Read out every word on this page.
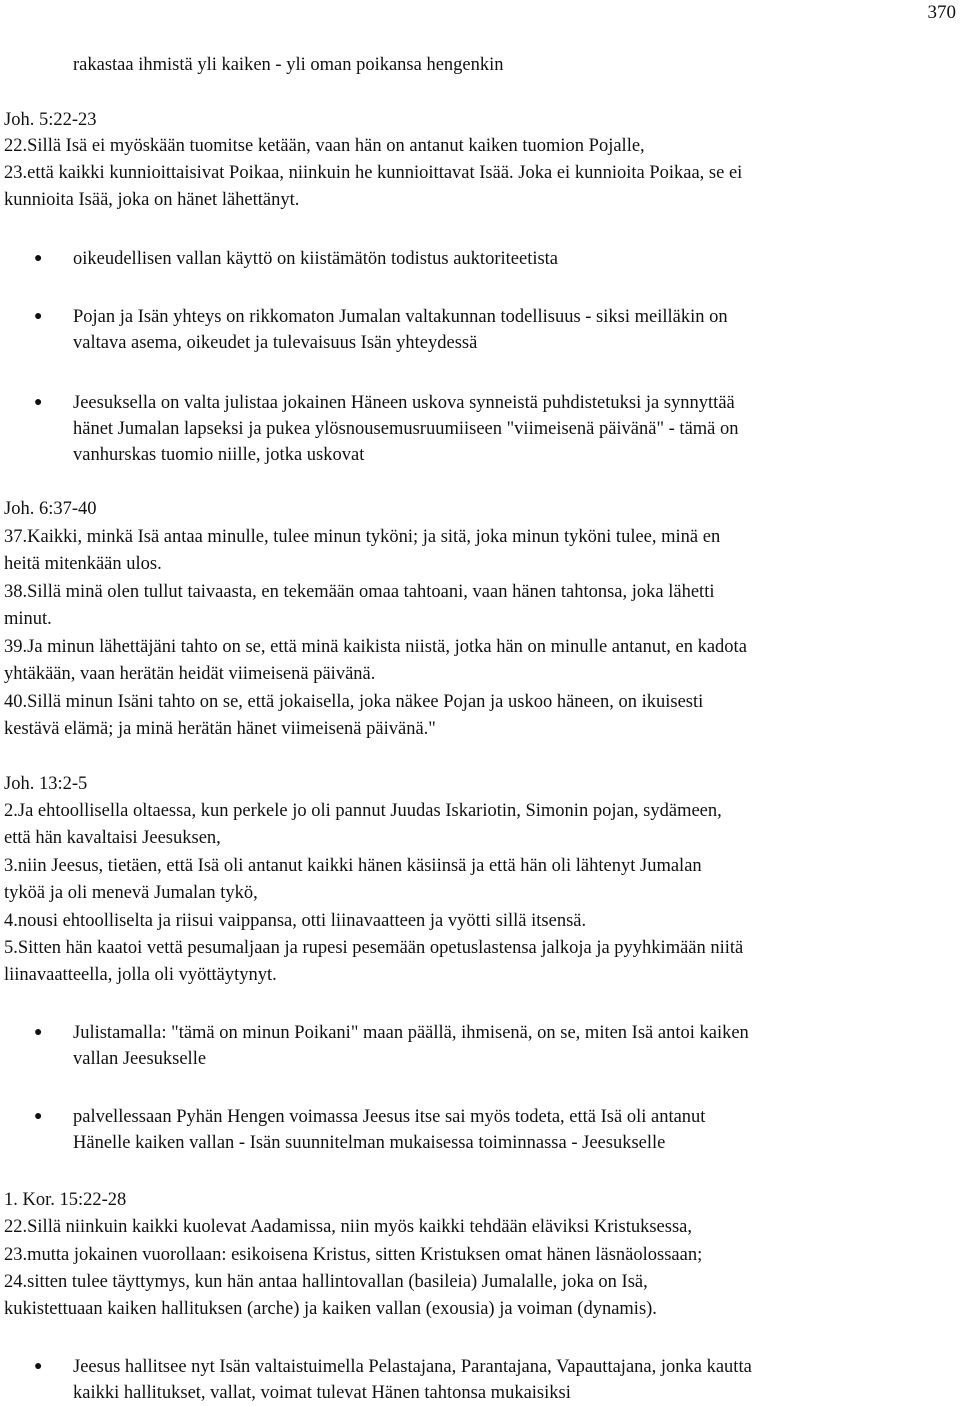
370
rakastaa ihmistä yli kaiken - yli oman poikansa hengenkin
Joh. 5:22-23
22.Sillä Isä ei myöskään tuomitse ketään, vaan hän on antanut kaiken tuomion Pojalle,
23.että kaikki kunnioittaisivat Poikaa, niinkuin he kunnioittavat Isää. Joka ei kunnioita Poikaa, se ei
kunnioita Isää, joka on hänet lähettänyt.
● oikeudellisen vallan käyttö on kiistämätön todistus auktoriteetista
● Pojan ja Isän yhteys on rikkomaton Jumalan valtakunnan todellisuus - siksi meilläkin on
valtava asema, oikeudet ja tulevaisuus Isän yhteydessä
● Jeesuksella on valta julistaa jokainen Häneen uskova synneistä puhdistetuksi ja synnyttää
hänet Jumalan lapseksi ja pukea ylösnousemusruumiiseen "viimeisenä päivänä" - tämä on
vanhurskas tuomio niille, jotka uskovat
Joh. 6:37-40
37.Kaikki, minkä Isä antaa minulle, tulee minun tyköni; ja sitä, joka minun tyköni tulee, minä en
heitä mitenkään ulos.
38.Sillä minä olen tullut taivaasta, en tekemään omaa tahtoani, vaan hänen tahtonsa, joka lähetti
minut.
39.Ja minun lähettäjäni tahto on se, että minä kaikista niistä, jotka hän on minulle antanut, en kadota
yhtäkään, vaan herätän heidät viimeisenä päivänä.
40.Sillä minun Isäni tahto on se, että jokaisella, joka näkee Pojan ja uskoo häneen, on ikuisesti
kestävä elämä; ja minä herätän hänet viimeisenä päivänä."
Joh. 13:2-5
2.Ja ehtoollisella oltaessa, kun perkele jo oli pannut Juudas Iskariotin, Simonin pojan, sydämeen,
että hän kavaltaisi Jeesuksen,
3.niin Jeesus, tietäen, että Isä oli antanut kaikki hänen käsiinsä ja että hän oli lähtenyt Jumalan
tyköä ja oli menevä Jumalan tykö,
4.nousi ehtoolliselta ja riisui vaippansa, otti liinavaatteen ja vyötti sillä itsensä.
5.Sitten hän kaatoi vettä pesumaljaan ja rupesi pesemään opetuslastensa jalkoja ja pyyhkimään niitä
liinavaatteella, jolla oli vyöttäytynyt.
● Julistamalla: "tämä on minun Poikani" maan päällä, ihmisenä, on se, miten Isä antoi kaiken
vallan Jeesukselle
● palvellessaan Pyhän Hengen voimassa Jeesus itse sai myös todeta, että Isä oli antanut
Hänelle kaiken vallan - Isän suunnitelman mukaisessa toiminnassa - Jeesukselle
1. Kor. 15:22-28
22.Sillä niinkuin kaikki kuolevat Aadamissa, niin myös kaikki tehdään eläviksi Kristuksessa,
23.mutta jokainen vuorollaan: esikoisena Kristus, sitten Kristuksen omat hänen läsnäolossaan;
24.sitten tulee täyttymys, kun hän antaa hallintovallan (basileia) Jumalalle, joka on Isä,
kukistettuaan kaiken hallituksen (arche) ja kaiken vallan (exousia) ja voiman (dynamis).
● Jeesus hallitsee nyt Isän valtaistuimella Pelastajana, Parantajana, Vapauttajana, jonka kautta
kaikki hallitukset, vallat, voimat tulevat Hänen tahtonsa mukaisiksi
